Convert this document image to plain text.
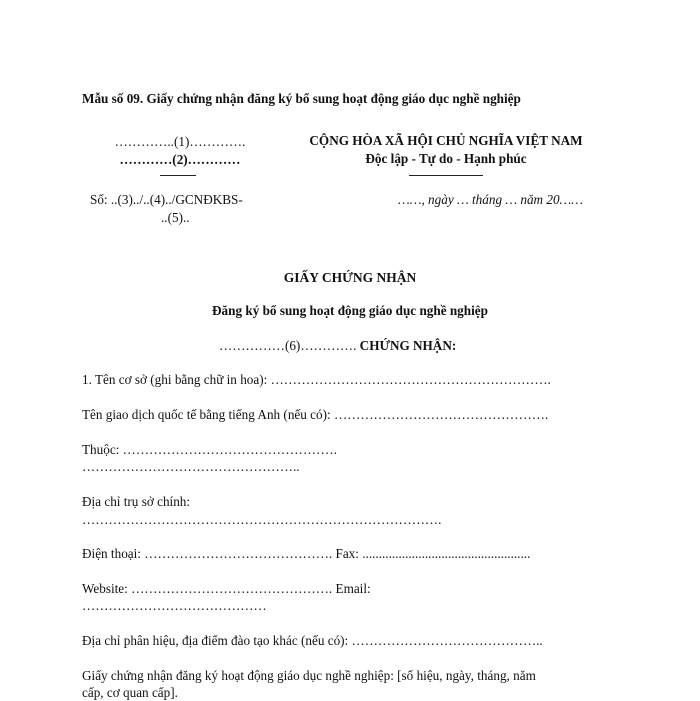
Mẫu số 09. Giấy chứng nhận đăng ký bổ sung hoạt động giáo dục nghề nghiệp
…………..(1)………….
…………(2)…………
Số: ..(3)../..(4)../GCNĐKBS-
..(5)..
CỘNG HÒA XÃ HỘI CHỦ NGHĨA VIỆT NAM
Độc lập - Tự do - Hạnh phúc
……, ngày … tháng … năm 20……
GIẤY CHỨNG NHẬN
Đăng ký bổ sung hoạt động giáo dục nghề nghiệp
……………(6)…………. CHỨNG NHẬN:
1. Tên cơ sở (ghi bằng chữ in hoa): ……………………………………………………….
Tên giao dịch quốc tế bằng tiếng Anh (nếu có): ………………………………………….
Thuộc: ………………………………………….
…………………………………………..
Địa chỉ trụ sở chính:
……………………………………………………………………….
Điện thoại: ……………………………………. Fax: ...................................................
Website: ………………………………………. Email:
……………………………………
Địa chỉ phân hiệu, địa điểm đào tạo khác (nếu có): ……………………………………..
Giấy chứng nhận đăng ký hoạt động giáo dục nghề nghiệp: [số hiệu, ngày, tháng, năm
cấp, cơ quan cấp].
